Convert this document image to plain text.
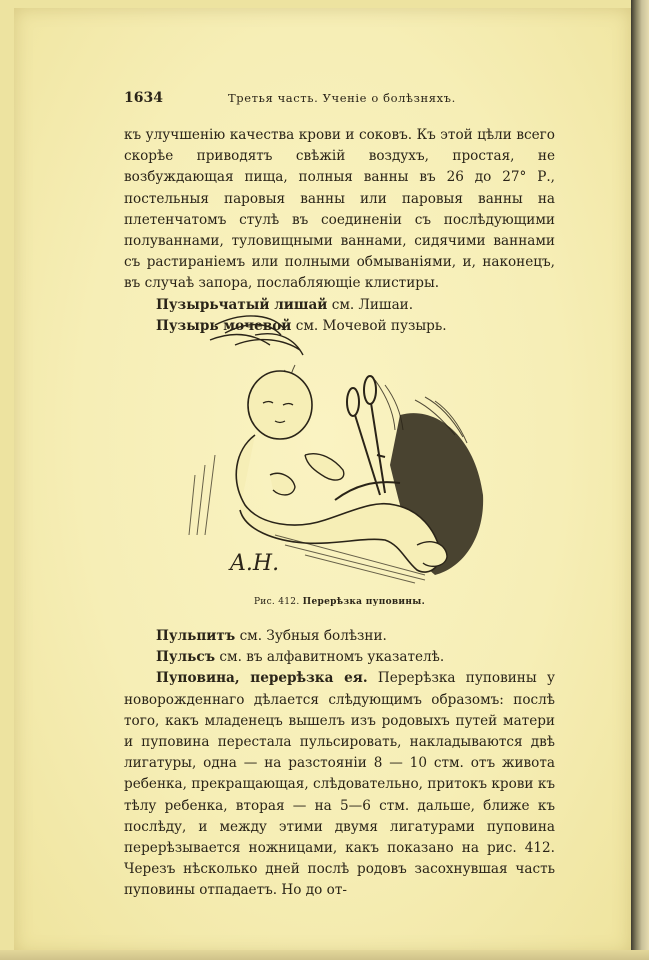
1634	Третья часть. Ученiе о болѣзняхъ.

къ улучшенiю качества крови и соковъ. Къ этой цѣли всего скорѣе приводятъ свѣжiй воздухъ, простая, не возбуждающая пища, полныя ванны въ 26 до 27° Р., постельныя паровыя ванны или паровыя ванны на плетенчатомъ стулѣ въ соединенiи съ послѣдующими полуваннами, туловищными ваннами, сидячими ваннами съ растиранiемъ или полными обмыванiями, и, наконецъ, въ случаѣ запора, послабляющiе клистиры.

Пузырьчатый лишай см. Лишаи.

Пузырь мочевой см. Мочевой пузырь.

A.H.
Рис. 412. Перерѣзка пуповины.

Пульпитъ см. Зубныя болѣзни.

Пульсъ см. въ алфавитномъ указателѣ.

Пуповина, перерѣзка ея. Перерѣзка пуповины у новорожденнаго дѣлается слѣдующимъ образомъ: послѣ того, какъ младенецъ вышелъ изъ родовыхъ путей матери и пуповина перестала пульсировать, накладываются двѣ лигатуры, одна — на разстоянiи 8 — 10 стм. отъ живота ребенка, прекращающая, слѣдовательно, притокъ крови къ тѣлу ребенка, вторая — на 5—6 стм. дальше, ближе къ послѣду, и между этими двумя лигатурами пуповина перерѣзывается ножницами, какъ показано на рис. 412. Черезъ нѣсколько дней послѣ родовъ засохнувшая часть пуповины отпадаетъ. Но до от-
